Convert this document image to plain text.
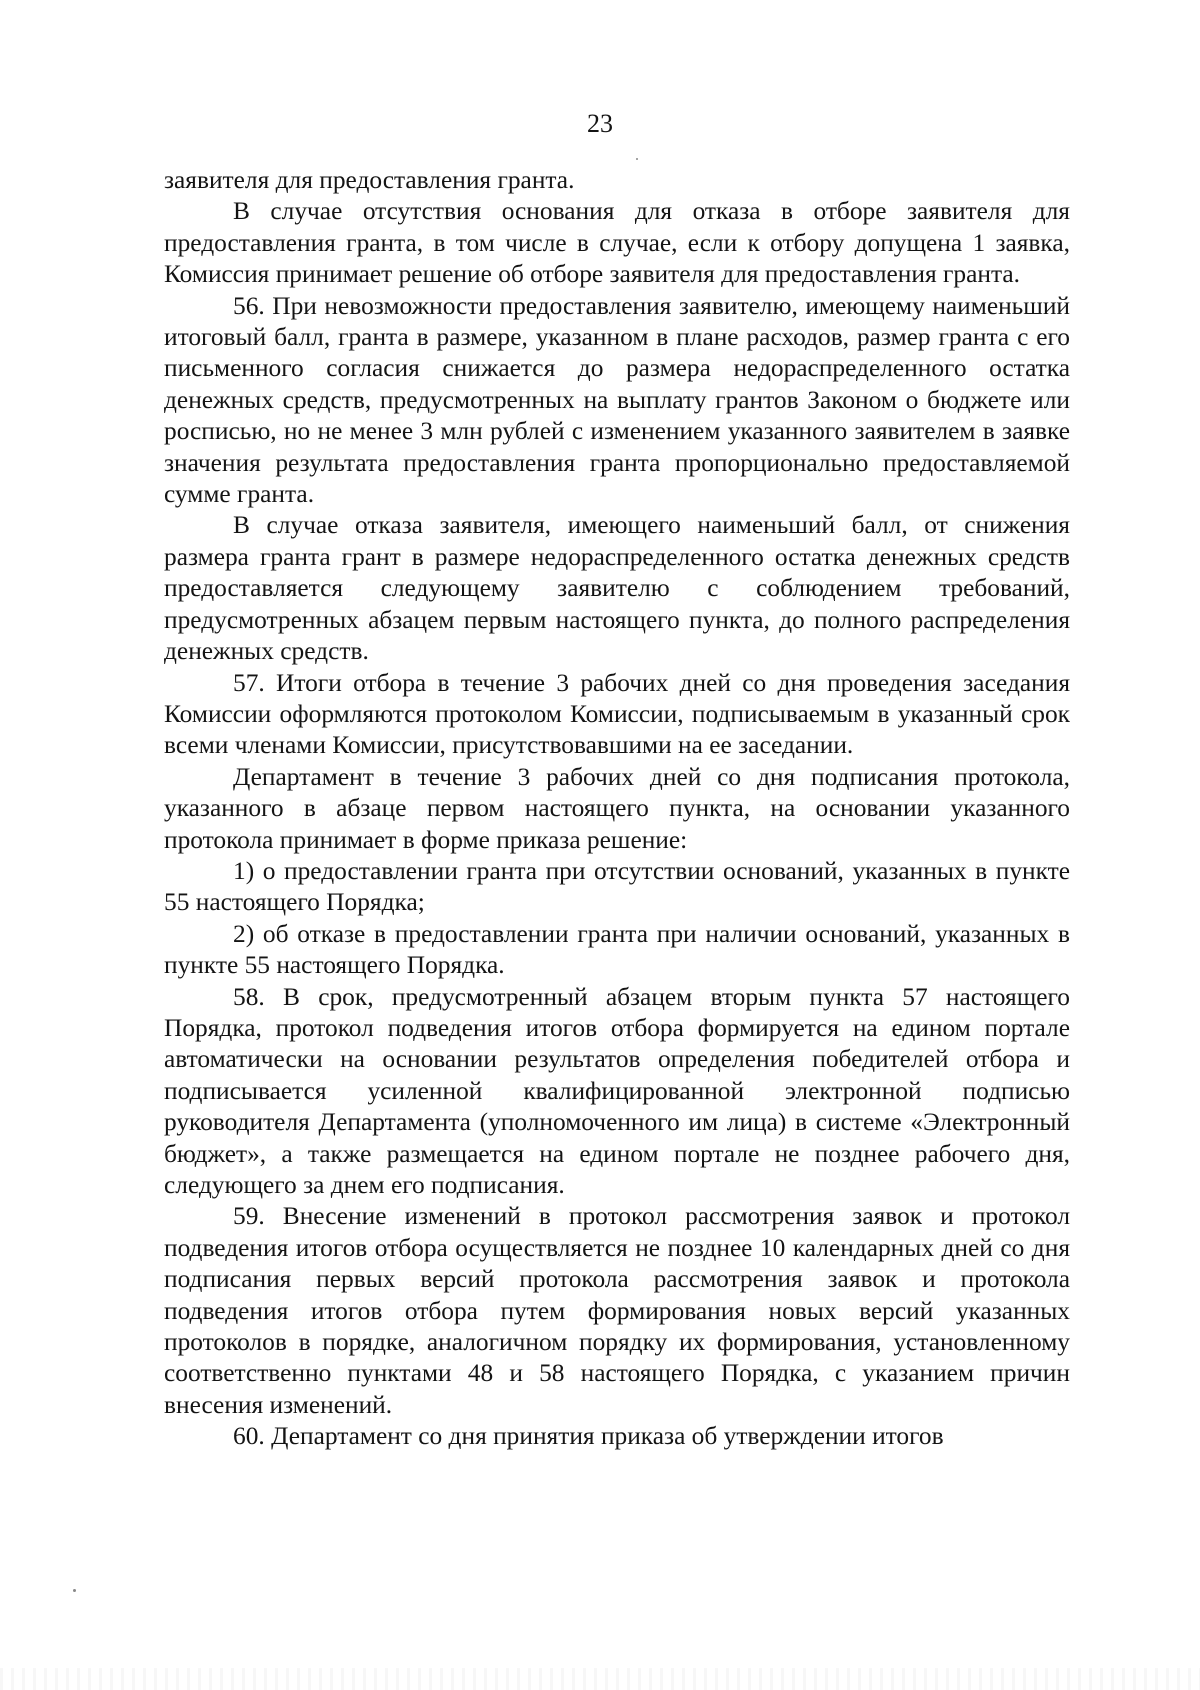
23

заявителя для предоставления гранта.

В случае отсутствия основания для отказа в отборе заявителя для предоставления гранта, в том числе в случае, если к отбору допущена 1 заявка, Комиссия принимает решение об отборе заявителя для предоставления гранта.

56. При невозможности предоставления заявителю, имеющему наименьший итоговый балл, гранта в размере, указанном в плане расходов, размер гранта с его письменного согласия снижается до размера недораспределенного остатка денежных средств, предусмотренных на выплату грантов Законом о бюджете или росписью, но не менее 3 млн рублей с изменением указанного заявителем в заявке значения результата предоставления гранта пропорционально предоставляемой сумме гранта.

В случае отказа заявителя, имеющего наименьший балл, от снижения размера гранта грант в размере недораспределенного остатка денежных средств предоставляется следующему заявителю с соблюдением требований, предусмотренных абзацем первым настоящего пункта, до полного распределения денежных средств.

57. Итоги отбора в течение 3 рабочих дней со дня проведения заседания Комиссии оформляются протоколом Комиссии, подписываемым в указанный срок всеми членами Комиссии, присутствовавшими на ее заседании.

Департамент в течение 3 рабочих дней со дня подписания протокола, указанного в абзаце первом настоящего пункта, на основании указанного протокола принимает в форме приказа решение:

1) о предоставлении гранта при отсутствии оснований, указанных в пункте 55 настоящего Порядка;

2) об отказе в предоставлении гранта при наличии оснований, указанных в пункте 55 настоящего Порядка.

58. В срок, предусмотренный абзацем вторым пункта 57 настоящего Порядка, протокол подведения итогов отбора формируется на едином портале автоматически на основании результатов определения победителей отбора и подписывается усиленной квалифицированной электронной подписью руководителя Департамента (уполномоченного им лица) в системе «Электронный бюджет», а также размещается на едином портале не позднее рабочего дня, следующего за днем его подписания.

59. Внесение изменений в протокол рассмотрения заявок и протокол подведения итогов отбора осуществляется не позднее 10 календарных дней со дня подписания первых версий протокола рассмотрения заявок и протокола подведения итогов отбора путем формирования новых версий указанных протоколов в порядке, аналогичном порядку их формирования, установленному соответственно пунктами 48 и 58 настоящего Порядка, с указанием причин внесения изменений.

60. Департамент со дня принятия приказа об утверждении итогов
